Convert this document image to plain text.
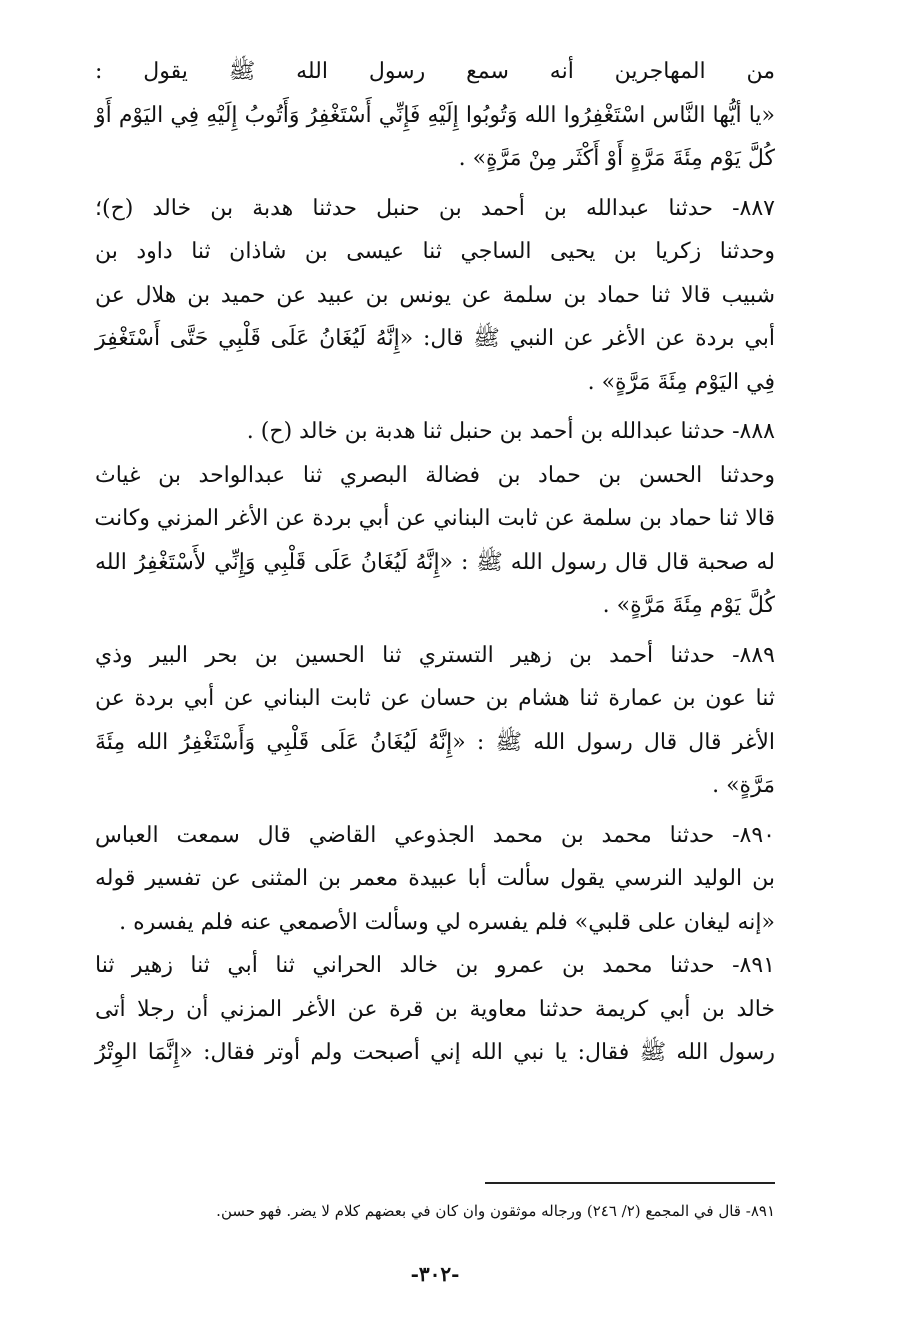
من المهاجرين أنه سمع رسول الله ﷺ يقول :
«يا أيُّها النَّاس اسْتَغْفِرُوا الله وَتُوبُوا إِلَيْهِ فَإِنِّي أَسْتَغْفِرُ وَأَتُوبُ إِلَيْهِ فِي اليَوْم أَوْ
كُلَّ يَوْم مِئَةَ مَرَّةٍ أَوْ أَكْثَر مِنْ مَرَّةٍ» .
٨٨٧- حدثنا عبدالله بن أحمد بن حنبل حدثنا هدبة بن خالد (ح)؛
وحدثنا زكريا بن يحيى الساجي ثنا عيسى بن شاذان ثنا داود بن
شبيب قالا ثنا حماد بن سلمة عن يونس بن عبيد عن حميد بن هلال عن
أبي بردة عن الأغر عن النبي ﷺ قال: «إِنَّهُ لَيُغَانُ عَلَى قَلْبِي حَتَّى أَسْتَغْفِرَ
فِي اليَوْم مِئَةَ مَرَّةٍ» .
٨٨٨- حدثنا عبدالله بن أحمد بن حنبل ثنا هدبة بن خالد (ح) .
وحدثنا الحسن بن حماد بن فضالة البصري ثنا عبدالواحد بن غياث
قالا ثنا حماد بن سلمة عن ثابت البناني عن أبي بردة عن الأغر المزني وكانت
له صحبة قال قال رسول الله ﷺ : «إِنَّهُ لَيُغَانُ عَلَى قَلْبِي وَإِنِّي لأَسْتَغْفِرُ الله
كُلَّ يَوْم مِئَةَ مَرَّةٍ» .
٨٨٩- حدثنا أحمد بن زهير التستري ثنا الحسين بن بحر البير وذي
ثنا عون بن عمارة ثنا هشام بن حسان عن ثابت البناني عن أبي بردة عن
الأغر قال قال رسول الله ﷺ : «إِنَّهُ لَيُغَانُ عَلَى قَلْبِي وَأَسْتَغْفِرُ الله مِئَةَ
مَرَّةٍ» .
٨٩٠- حدثنا محمد بن محمد الجذوعي القاضي قال سمعت العباس
بن الوليد النرسي يقول سألت أبا عبيدة معمر بن المثنى عن تفسير قوله
«إنه ليغان على قلبي» فلم يفسره لي وسألت الأصمعي عنه فلم يفسره .
٨٩١- حدثنا محمد بن عمرو بن خالد الحراني ثنا أبي ثنا زهير ثنا
خالد بن أبي كريمة حدثنا معاوية بن قرة عن الأغر المزني أن رجلا أتى
رسول الله ﷺ فقال: يا نبي الله إني أصبحت ولم أوتر فقال: «إِنَّمَا الوِتْرُ
٨٩١- قال في المجمع (٢/ ٢٤٦) ورجاله موثقون وان كان في بعضهم كلام لا يضر. فهو حسن.
-٣٠٢-
